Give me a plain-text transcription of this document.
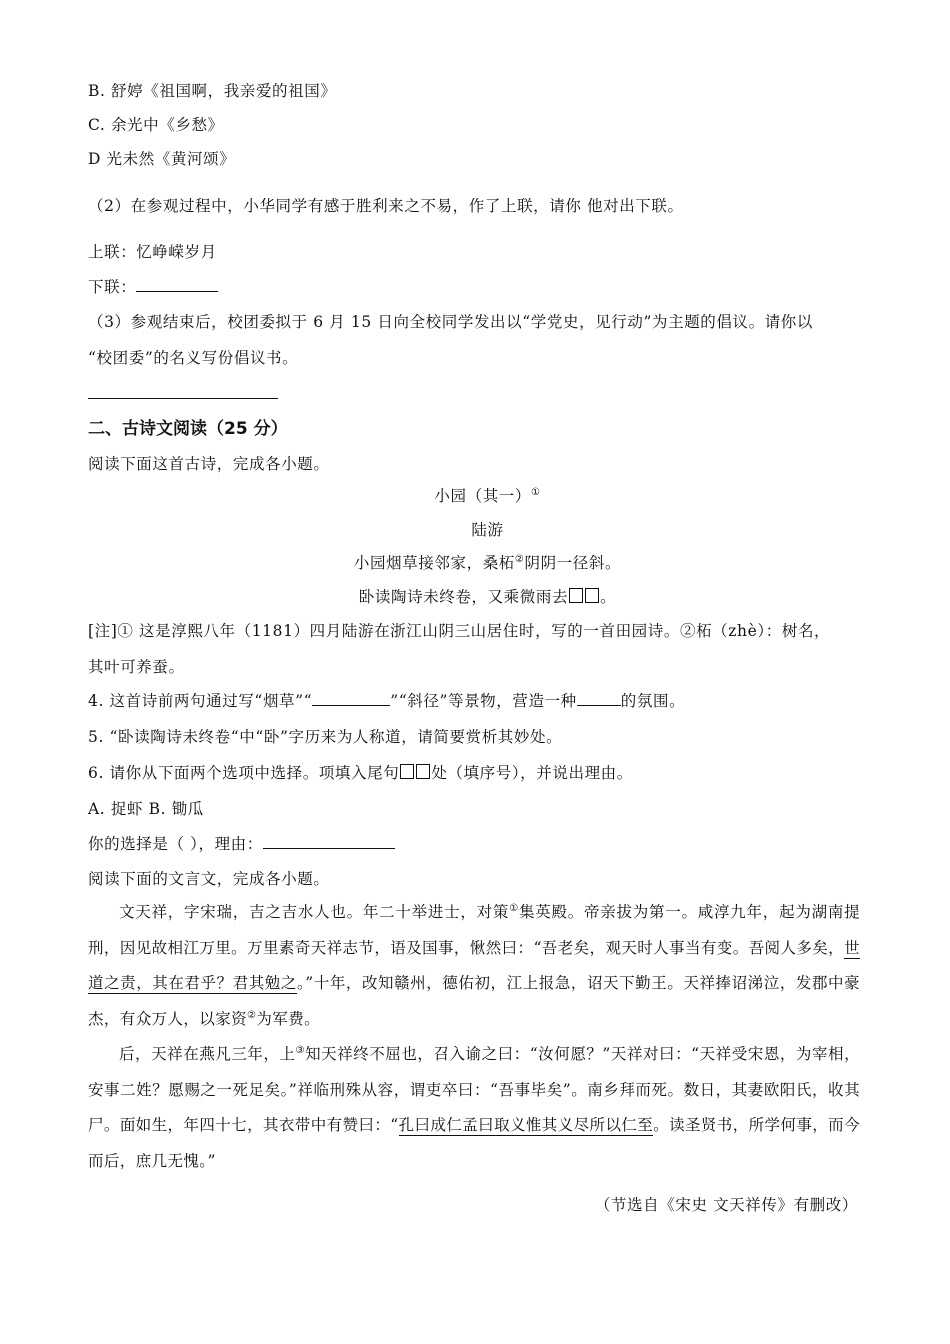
B. 舒婷《祖国啊，我亲爱的祖国》
C. 余光中《乡愁》
D 光未然《黄河颂》
（2）在参观过程中，小华同学有感于胜利来之不易，作了上联，请你 他对出下联。
上联：忆峥嵘岁月
下联：
（3）参观结束后，校团委拟于 6 月 15 日向全校同学发出以“学党史，见行动”为主题的倡议。请你以
“校团委”的名义写份倡议书。
二、古诗文阅读（25 分）
阅读下面这首古诗，完成各小题。
小园（其一）①
陆游
小园烟草接邻家，桑柘②阴阴一径斜。
卧读陶诗未终卷，又乘微雨去 。
[注]① 这是淳熙八年（1181）四月陆游在浙江山阴三山居住时，写的一首田园诗。②柘（zhè）：树名，
其叶可养蚕。
4. 这首诗前两句通过写“烟草”“	”“斜径”等景物，营造一种	的氛围。
5. “卧读陶诗未终卷“中“卧”字历来为人称道，请简要赏析其妙处。
6. 请你从下面两个选项中选择。项填入尾句 处（填序号），并说出理由。
A. 捉虾 B. 锄瓜
你的选择是（ ），理由：
阅读下面的文言文，完成各小题。

文天祥，字宋瑞，吉之吉水人也。年二十举进士，对策①集英殿。帝亲拔为第一。咸淳九年，起为湖南提刑，因见故相江万里。万里素奇天祥志节，语及国事，愀然曰：“吾老矣，观天时人事当有变。吾阅人多矣，世道之责，其在君乎？君其勉之。”十年，改知赣州，德佑初，江上报急，诏天下勤王。天祥捧诏涕泣，发郡中豪杰，有众万人，以家资②为军费。

后，天祥在燕凡三年，上③知天祥终不屈也，召入谕之曰：“汝何愿？”天祥对曰：“天祥受宋恩，为宰相，安事二姓？愿赐之一死足矣。”祥临刑殊从容，谓吏卒曰：“吾事毕矣”。南乡拜而死。数日，其妻欧阳氏，收其尸。面如生，年四十七，其衣带中有赞曰：“孔曰成仁孟曰取义惟其义尽所以仁至。读圣贤书，所学何事，而今而后，庶几无愧。”

（节选自《宋史 文天祥传》有删改）
